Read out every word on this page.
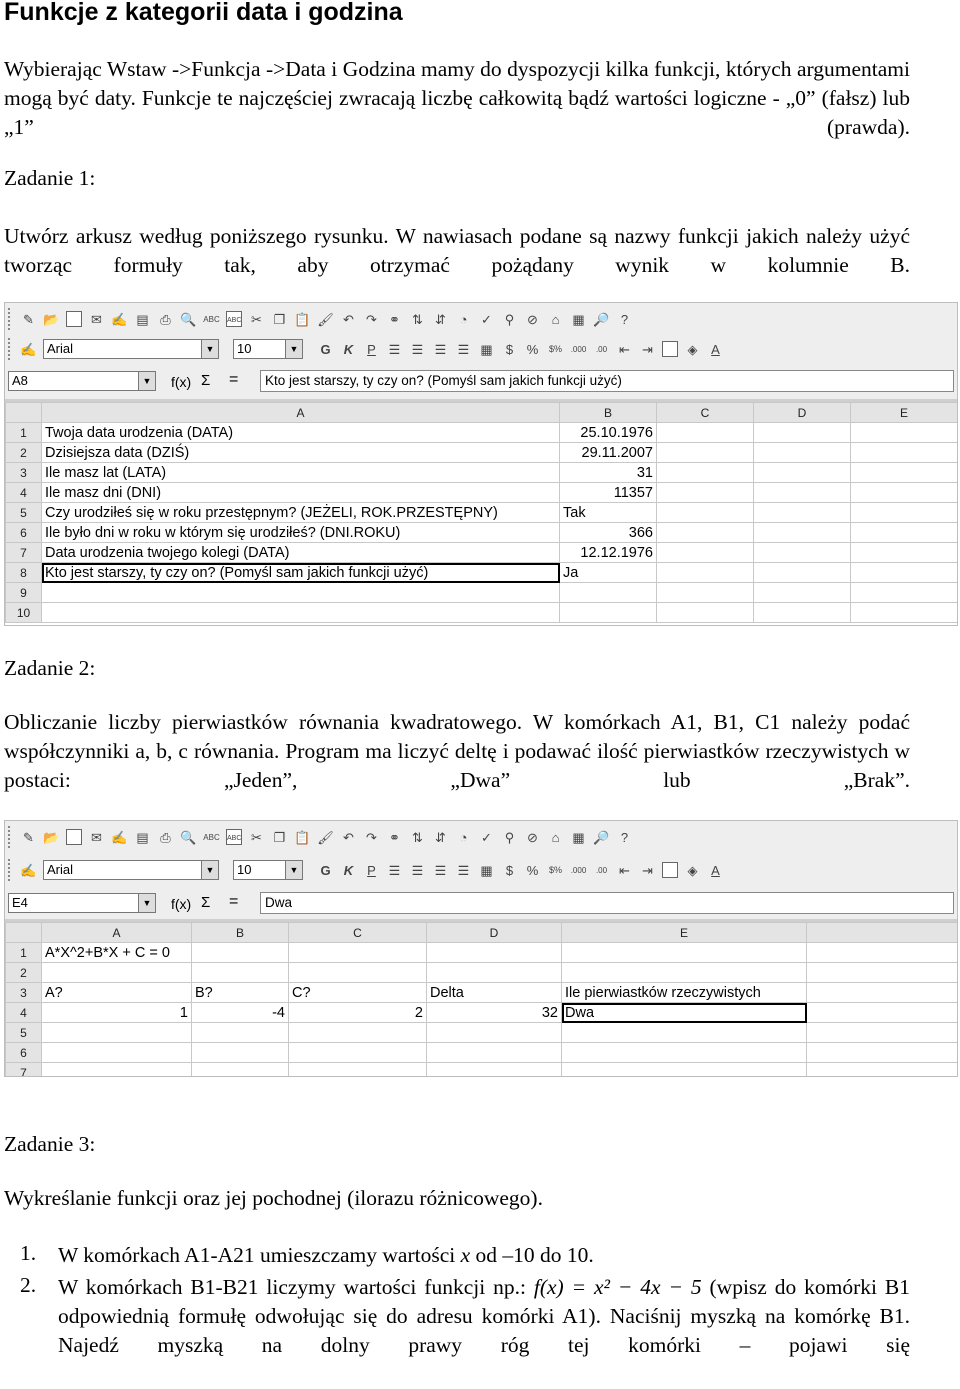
Funkcje z kategorii data i godzina

Wybierając Wstaw ->Funkcja ->Data i Godzina mamy do dyspozycji kilka funkcji, których argumentami mogą być daty. Funkcje te najczęściej zwracają liczbę całkowitą bądź wartości logiczne - „0” (fałsz) lub „1” (prawda).

Zadanie 1:

Utwórz arkusz według poniższego rysunku. W nawiasach podane są nazwy funkcji jakich należy użyć tworząc formuły tak, aby otrzymać pożądany wynik w kolumnie B.

✎ 📂 ✉ ✍ ▤ ⎙ 🔍 ABC ABC ✂ ❐ 📋 🖌 ↶ ↷ ⚭ ⇅ ⇵	◔	✓ ⚲ ⊘	⌂ ▦ 🔎 ?
✍ Arial	▼	10	▼ G K	P ☰ ☰ ☰ ☰ ▦	$	%	$% .000	.00 ⇤ ⇥	◈	A
A8	▼ f(x) Σ =	Kto jest starszy, ty czy on? (Pomyśl sam jakich funkcji użyć)
	A	B	C	D	E
1	Twoja data urodzenia (DATA)	25.10.1976			
2	Dzisiejsza data (DZIŚ)	29.11.2007			
3	Ile masz lat (LATA)	31			
4	Ile masz dni (DNI)	11357			
5	Czy urodziłeś się w roku przestępnym? (JEŻELI, ROK.PRZESTĘPNY)	Tak			
6	Ile było dni w roku w którym się urodziłeś? (DNI.ROKU)	366			
7	Data urodzenia twojego kolegi (DATA)	12.12.1976			
8	Kto jest starszy, ty czy on? (Pomyśl sam jakich funkcji użyć)	Ja			
9					
10					
Zadanie 2:

Obliczanie liczby pierwiastków równania kwadratowego. W komórkach A1, B1, C1 należy podać współczynniki a, b, c równania. Program ma liczyć deltę i podawać ilość pierwiastków rzeczywistych w postaci: „Jeden”, „Dwa” lub „Brak”.

✎ 📂 ✉ ✍ ▤ ⎙ 🔍 ABC ABC ✂ ❐ 📋 🖌 ↶ ↷ ⚭ ⇅ ⇵	◔	✓ ⚲ ⊘	⌂ ▦ 🔎 ?
✍ Arial	▼	10	▼ G K	P ☰ ☰ ☰ ☰ ▦	$	%	$% .000	.00 ⇤ ⇥	◈	A
E4	▼ f(x) Σ =	Dwa
	A	B	C	D	E	
1	A*X^2+B*X + C = 0					
2						
3	A?	B?	C?	Delta	Ile pierwiastków rzeczywistych	
4	1	-4	2	32	Dwa	
5						
6						
7						
Zadanie 3:
Wykreślanie funkcji oraz jej pochodnej (ilorazu różnicowego).
1. W komórkach A1-A21 umieszczamy wartości x od –10 do 10.
2. W komórkach B1-B21 liczymy wartości funkcji np.: f(x) = x² − 4x − 5 (wpisz do komórki B1 odpowiednią formułę odwołując się do adresu komórki A1). Naciśnij myszką na komórkę B1. Najedź myszką na dolny prawy róg tej komórki – pojawi się
